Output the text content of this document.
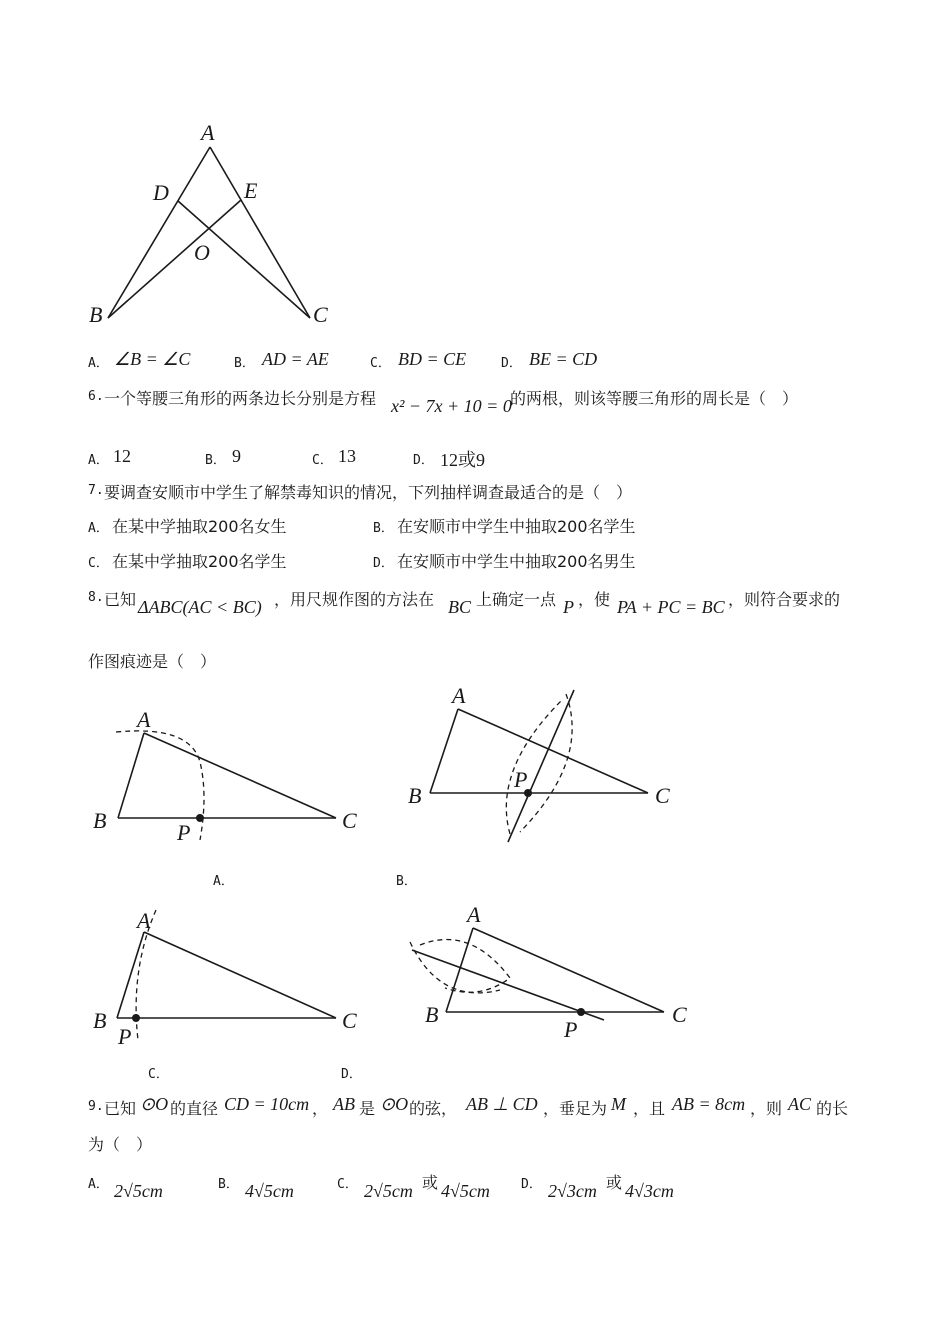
A
D	E
O
B	C
A． ∠B = ∠C	B． AD = AE	C． BD = CE	D． BE = CD
6. 一个等腰三角形的两条边长分别是方程 x² − 7x + 10 = 0
的两根，则该等腰三角形的周长是（　）
A． 12	B． 9	C． 13	D． 12或9
7. 要调查安顺市中学生了解禁毒知识的情况，下列抽样调查最适合的是（　）
A． 在某中学抽取200名女生	B． 在安顺市中学生中抽取200名学生
C． 在某中学抽取200名学生	D． 在安顺市中学生中抽取200名男生
8. 已知 ΔABC(AC < BC) ，用尺规作图的方法在 BC 上确定一点 P ，使 PA + PC = BC ，则符合要求的
作图痕迹是（　）
A
B	C
P
A．
A
B	C
P
B．
A
B	C
P
C．
A
B	C
P
D．
9. 已知 ⊙O 的直径 CD = 10cm ， AB 是 ⊙O 的弦， AB ⊥ CD ，垂足为 M ，且 AB = 8cm ，则 AC 的长
为（　）
A． 2√5cm	B． 4√5cm	C． 2√5cm 或 4√5cm D． 2√3cm 或 4√3cm
